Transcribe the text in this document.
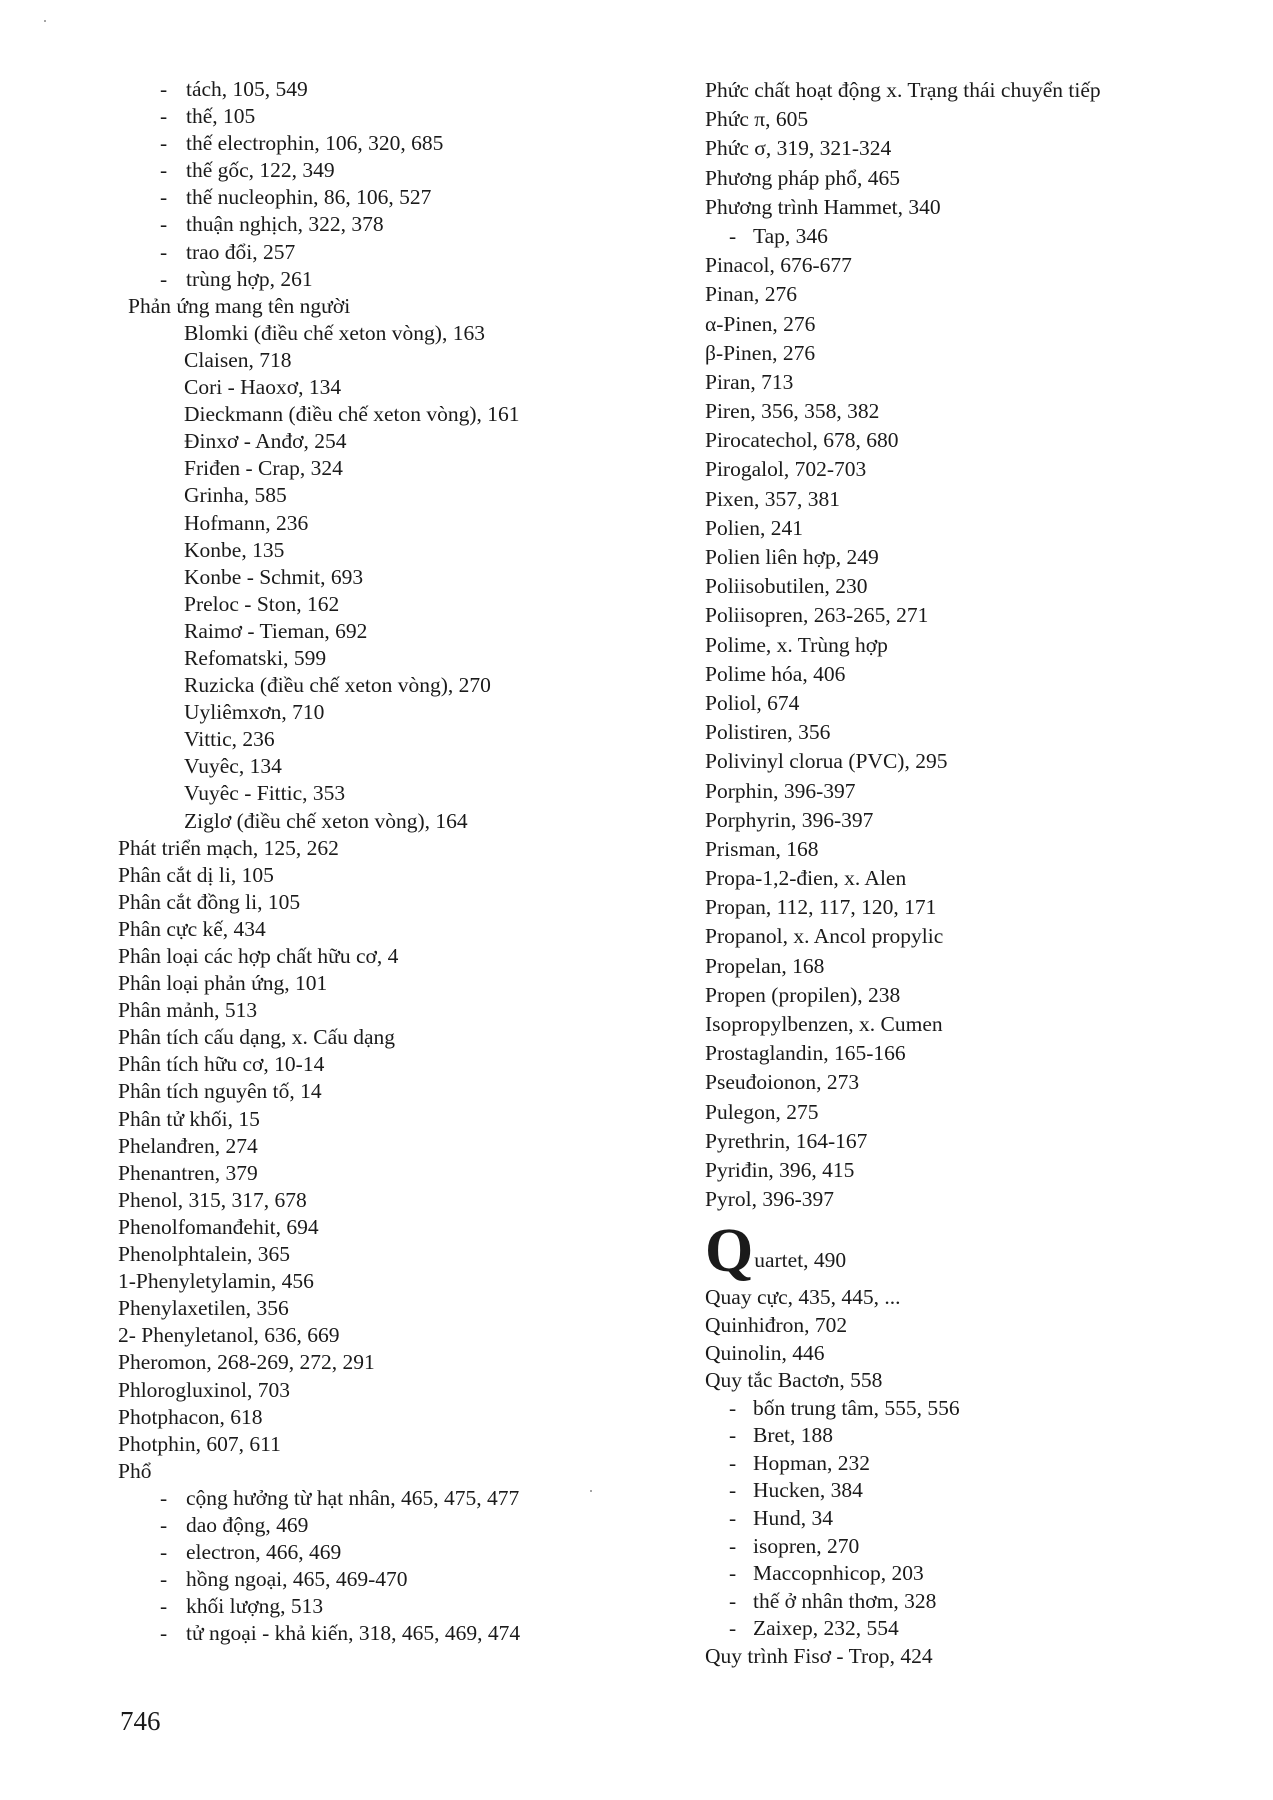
- tách, 105, 549
- thế, 105
- thế electrophin, 106, 320, 685
- thế gốc, 122, 349
- thế nucleophin, 86, 106, 527
- thuận nghịch, 322, 378
- trao đổi, 257
- trùng hợp, 261
Phản ứng mang tên người
Blomki (điều chế xeton vòng), 163
Claisen, 718
Cori - Haoxơ, 134
Dieckmann (điều chế xeton vòng), 161
Đinxơ - Anđơ, 254
Friđen - Crap, 324
Grinha, 585
Hofmann, 236
Konbe, 135
Konbe - Schmit, 693
Preloc - Ston, 162
Raimơ - Tieman, 692
Refomatski, 599
Ruzicka (điều chế xeton vòng), 270
Uyliêmxơn, 710
Vittic, 236
Vuyêc, 134
Vuyêc - Fittic, 353
Ziglơ (điều chế xeton vòng), 164
Phát triển mạch, 125, 262
Phân cắt dị li, 105
Phân cắt đồng li, 105
Phân cực kế, 434
Phân loại các hợp chất hữu cơ, 4
Phân loại phản ứng, 101
Phân mảnh, 513
Phân tích cấu dạng, x. Cấu dạng
Phân tích hữu cơ, 10-14
Phân tích nguyên tố, 14
Phân tử khối, 15
Phelanđren, 274
Phenantren, 379
Phenol, 315, 317, 678
Phenolfomanđehit, 694
Phenolphtalein, 365
1-Phenyletylamin, 456
Phenylaxetilen, 356
2- Phenyletanol, 636, 669
Pheromon, 268-269, 272, 291
Phlorogluxinol, 703
Photphacon, 618
Photphin, 607, 611
Phổ
- cộng hưởng từ hạt nhân, 465, 475, 477
- dao động, 469
- electron, 466, 469
- hồng ngoại, 465, 469-470
- khối lượng, 513
- tử ngoại - khả kiến, 318, 465, 469, 474
Phức chất hoạt động x. Trạng thái chuyển tiếp
Phức π, 605
Phức σ, 319, 321-324
Phương pháp phổ, 465
Phương trình Hammet, 340
- Tap, 346
Pinacol, 676-677
Pinan, 276
α-Pinen, 276
β-Pinen, 276
Piran, 713
Piren, 356, 358, 382
Pirocatechol, 678, 680
Pirogalol, 702-703
Pixen, 357, 381
Polien, 241
Polien liên hợp, 249
Poliisobutilen, 230
Poliisopren, 263-265, 271
Polime, x. Trùng hợp
Polime hóa, 406
Poliol, 674
Polistiren, 356
Polivinyl clorua (PVC), 295
Porphin, 396-397
Porphyrin, 396-397
Prisman, 168
Propa-1,2-đien, x. Alen
Propan, 112, 117, 120, 171
Propanol, x. Ancol propylic
Propelan, 168
Propen (propilen), 238
Isopropylbenzen, x. Cumen
Prostaglandin, 165-166
Pseuđoionon, 273
Pulegon, 275
Pyrethrin, 164-167
Pyriđin, 396, 415
Pyrol, 396-397
Quartet, 490
Quay cực, 435, 445, ...
Quinhiđron, 702
Quinolin, 446
Quy tắc Bactơn, 558
- bốn trung tâm, 555, 556
- Bret, 188
- Hopman, 232
- Hucken, 384
- Hund, 34
- isopren, 270
- Maccopnhicop, 203
- thế ở nhân thơm, 328
- Zaixep, 232, 554
Quy trình Fisơ - Trop, 424
746
